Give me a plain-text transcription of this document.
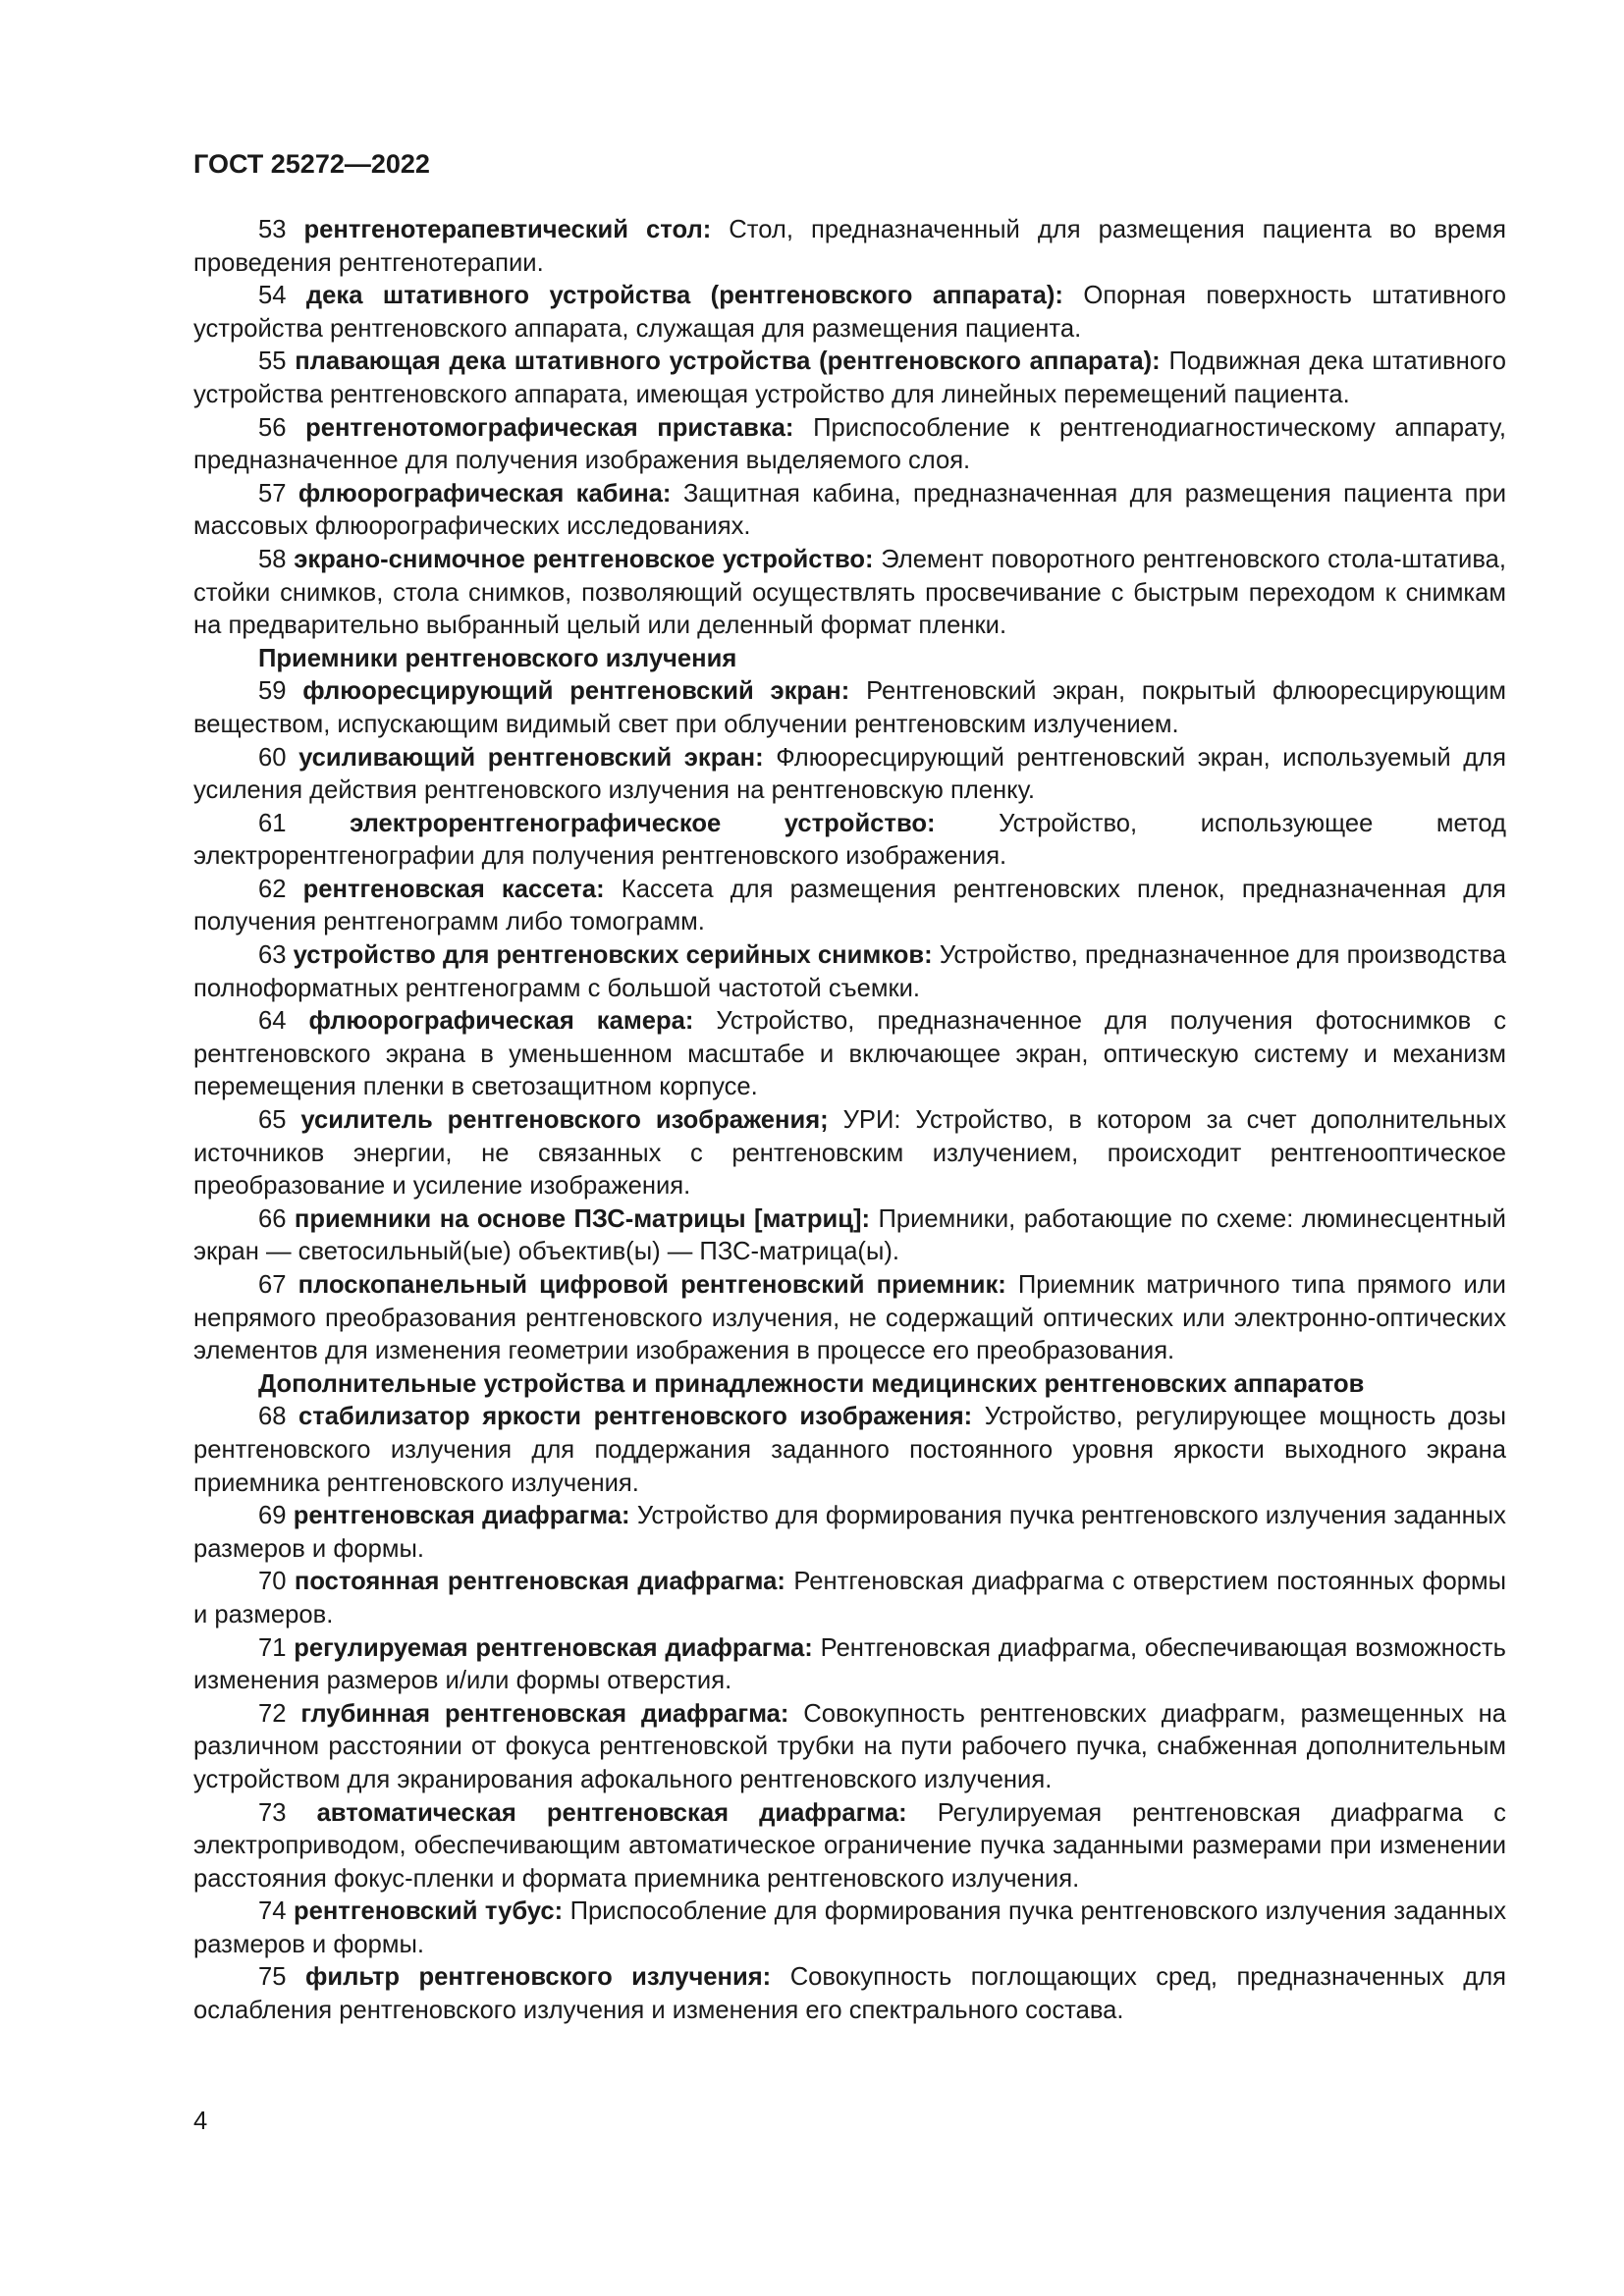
ГОСТ 25272—2022

53 рентгенотерапевтический стол: Стол, предназначенный для размещения пациента во время проведения рентгенотерапии.

54 дека штативного устройства (рентгеновского аппарата): Опорная поверхность штативного устройства рентгеновского аппарата, служащая для размещения пациента.

55 плавающая дека штативного устройства (рентгеновского аппарата): Подвижная дека штативного устройства рентгеновского аппарата, имеющая устройство для линейных перемещений пациента.

56 рентгенотомографическая приставка: Приспособление к рентгенодиагностическому аппарату, предназначенное для получения изображения выделяемого слоя.

57 флюорографическая кабина: Защитная кабина, предназначенная для размещения пациента при массовых флюорографических исследованиях.

58 экрано-снимочное рентгеновское устройство: Элемент поворотного рентгеновского стола-штатива, стойки снимков, стола снимков, позволяющий осуществлять просвечивание с быстрым переходом к снимкам на предварительно выбранный целый или деленный формат пленки.

Приемники рентгеновского излучения

59 флюоресцирующий рентгеновский экран: Рентгеновский экран, покрытый флюоресцирующим веществом, испускающим видимый свет при облучении рентгеновским излучением.

60 усиливающий рентгеновский экран: Флюоресцирующий рентгеновский экран, используемый для усиления действия рентгеновского излучения на рентгеновскую пленку.

61	электрорентгенографическое устройство:	Устройство, использующее метод электрорентгенографии для получения рентгеновского изображения.

62 рентгеновская кассета: Кассета для размещения рентгеновских пленок, предназначенная для получения рентгенограмм либо томограмм.

63 устройство для рентгеновских серийных снимков: Устройство, предназначенное для производства полноформатных рентгенограмм с большой частотой съемки.

64 флюорографическая камера: Устройство, предназначенное для получения фотоснимков с рентгеновского экрана в уменьшенном масштабе и включающее экран, оптическую систему и механизм перемещения пленки в светозащитном корпусе.

65 усилитель рентгеновского изображения; УРИ: Устройство, в котором за счет дополнительных источников энергии, не связанных с рентгеновским излучением, происходит рентгенооптическое преобразование и усиление изображения.

66 приемники на основе ПЗС-матрицы [матриц]: Приемники, работающие по схеме: люминесцентный экран — светосильный(ые) объектив(ы) — ПЗС-матрица(ы).

67 плоскопанельный цифровой рентгеновский приемник: Приемник матричного типа прямого или непрямого преобразования рентгеновского излучения, не содержащий оптических или электронно-оптических элементов для изменения геометрии изображения в процессе его преобразования.

Дополнительные устройства и принадлежности медицинских рентгеновских аппаратов

68 стабилизатор яркости рентгеновского изображения: Устройство, регулирующее мощность дозы рентгеновского излучения для поддержания заданного постоянного уровня яркости выходного экрана приемника рентгеновского излучения.

69 рентгеновская диафрагма: Устройство для формирования пучка рентгеновского излучения заданных размеров и формы.

70 постоянная рентгеновская диафрагма: Рентгеновская диафрагма с отверстием постоянных формы и размеров.

71 регулируемая рентгеновская диафрагма: Рентгеновская диафрагма, обеспечивающая возможность изменения размеров и/или формы отверстия.

72 глубинная рентгеновская диафрагма: Совокупность рентгеновских диафрагм, размещенных на различном расстоянии от фокуса рентгеновской трубки на пути рабочего пучка, снабженная дополнительным устройством для экранирования афокального рентгеновского излучения.

73 автоматическая рентгеновская диафрагма: Регулируемая рентгеновская диафрагма с электроприводом, обеспечивающим автоматическое ограничение пучка заданными размерами при изменении расстояния фокус-пленки и формата приемника рентгеновского излучения.

74 рентгеновский тубус: Приспособление для формирования пучка рентгеновского излучения заданных размеров и формы.

75 фильтр рентгеновского излучения: Совокупность поглощающих сред, предназначенных для ослабления рентгеновского излучения и изменения его спектрального состава.

4
